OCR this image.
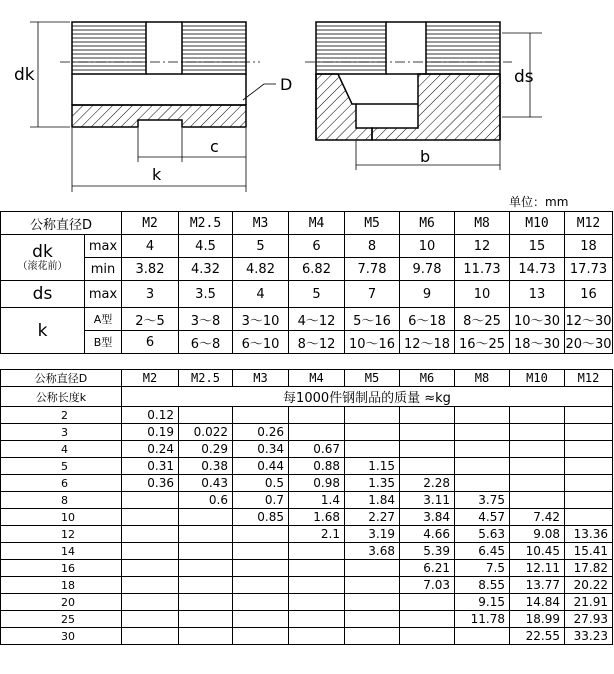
dk	D
c
k
ds
b
单位：mm
公称直径D		M2	M2.5	M3	M4	M5	M6	M8	M10	M12

dk
（滚花前）	max	4	4.5	5	6	8	10	12	15	18
	min	3.82	4.32	4.82	6.82	7.78	9.78	11.73	14.73	17.73
ds	max	3	3.5	4	5	7	9	10	13	16
k	A型	2～5	3～8	3～10	4～12	5～16	6～18	8～25	10～30	12～30
	B型	6	6～8	6～10	8～12	10～16	12～18	16～25	18～30	20～30
公称直径D	M2	M2.5	M3	M4	M5	M6	M8	M10	M12
公称长度k	每1000件钢制品的质量 ≈kg								
2	0.12								
3	0.19	0.022	0.26						
4	0.24	0.29	0.34	0.67					
5	0.31	0.38	0.44	0.88	1.15				
6	0.36	0.43	0.5	0.98	1.35	2.28			
8		0.6	0.7	1.4	1.84	3.11	3.75		
10			0.85	1.68	2.27	3.84	4.57	7.42	
12				2.1	3.19	4.66	5.63	9.08	13.36
14					3.68	5.39	6.45	10.45	15.41
16						6.21	7.5	12.11	17.82
18						7.03	8.55	13.77	20.22
20							9.15	14.84	21.91
25							11.78	18.99	27.93
30								22.55	33.23
